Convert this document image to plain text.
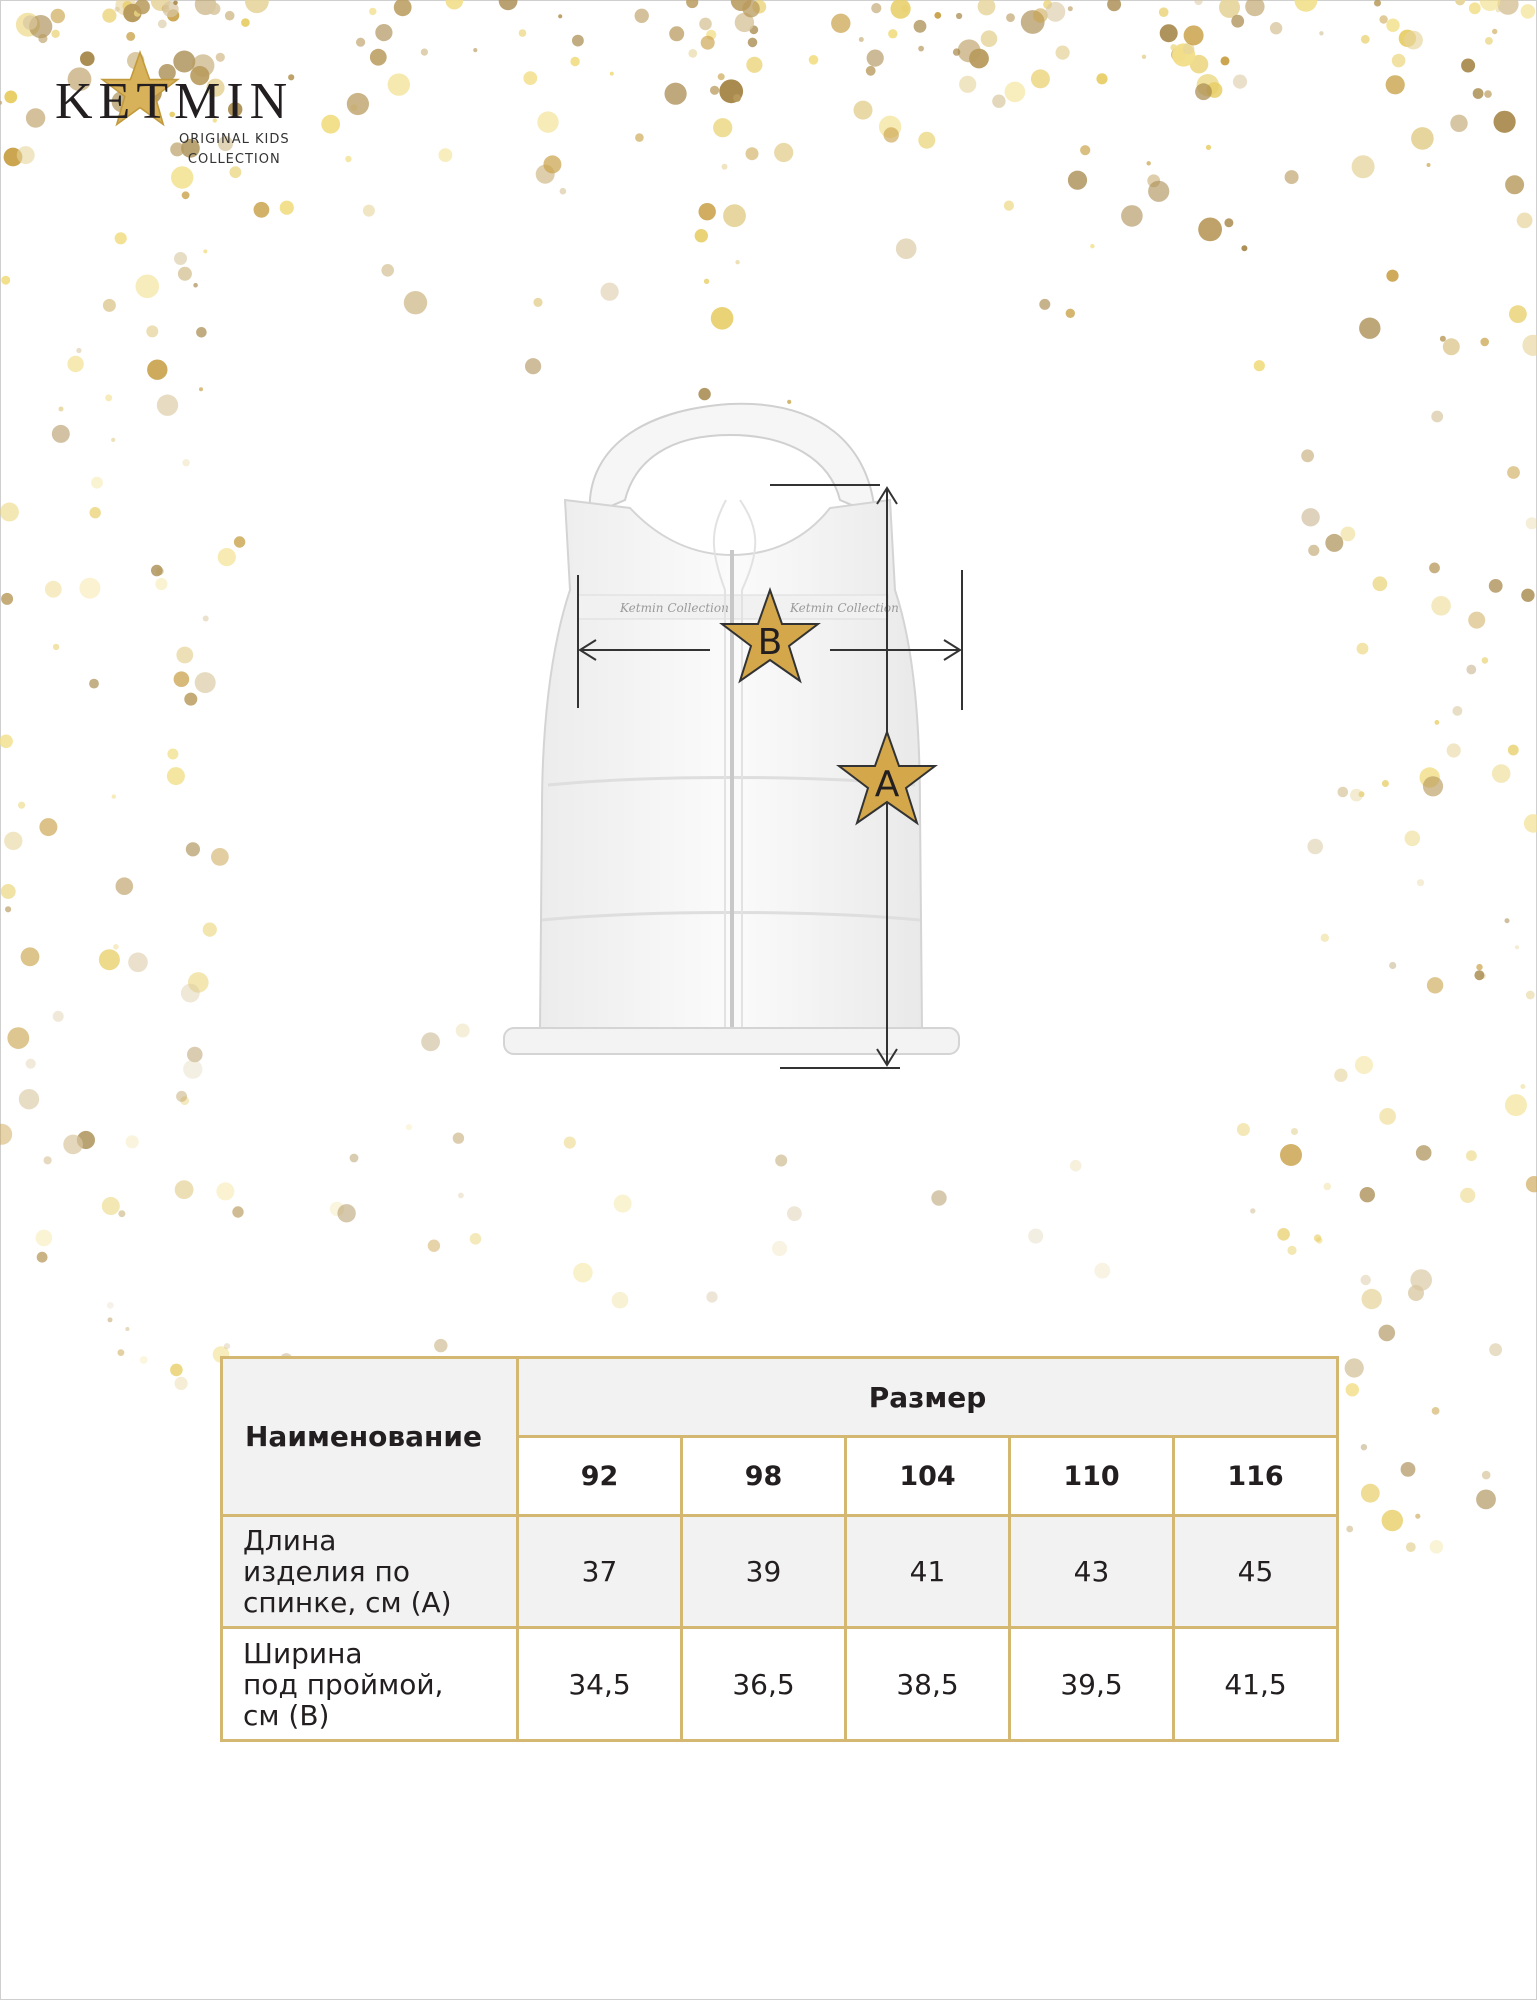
KETMIN
ORIGINAL KIDS
COLLECTION
Ketmin Collection	Ketmin Collection
A
B
Наименование	Размер				
	92	98	104	110	116

Длина
изделия по
спинке, см (А)	37	39	41	43	45

Ширина
под проймой,
см (В)	34,5	36,5	38,5	39,5	41,5
